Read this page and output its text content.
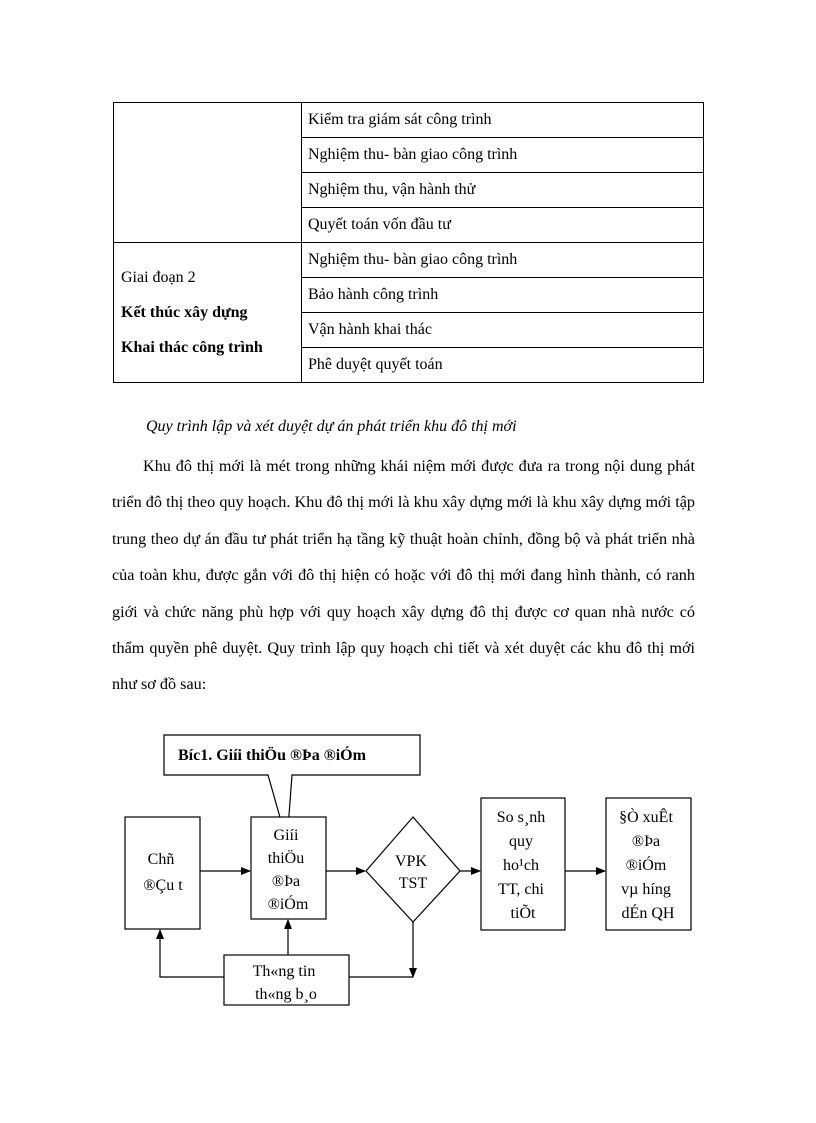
	Kiểm tra giám sát công trình
	Nghiệm thu- bàn giao công trình
	Nghiệm thu, vận hành thử
	Quyết toán vốn đầu tư

Giai đoạn 2
Kết thúc xây dựng
Khai thác công trình	Nghiệm thu- bàn giao công trình
	Bảo hành công trình
	Vận hành khai thác
	Phê duyệt quyết toán

Quy trình lập và xét duyệt dự án phát triển khu đô thị mới

Khu đô thị mới là mét trong những khái niệm mới được đưa ra trong nội dung phát triển đô thị theo quy hoạch. Khu đô thị mới là khu xây dựng mới là khu xây dựng mới tập trung theo dự án đầu tư phát triển hạ tầng kỹ thuật hoàn chỉnh, đồng bộ và phát triển nhà của toàn khu, được gắn với đô thị hiện có hoặc với đô thị mới đang hình thành, có ranh giới và chức năng phù hợp với quy hoạch xây dựng đô thị được cơ quan nhà nước có thẩm quyền phê duyệt. Quy trình lập quy hoạch chi tiết và xét duyệt các khu đô thị mới như sơ đồ sau:

Bíc1. Giíi thiÖu ®Þa ®iÓm
Chñ ®Çu t
Giíi thiÖu ®Þa ®iÓm
VPK TST
So s¸nh quy ho¹ch TT, chi tiÕt
§Ò xuÊt ®Þa ®iÓm vµ híng dÉn QH
Th«ng tin th«ng b¸o
